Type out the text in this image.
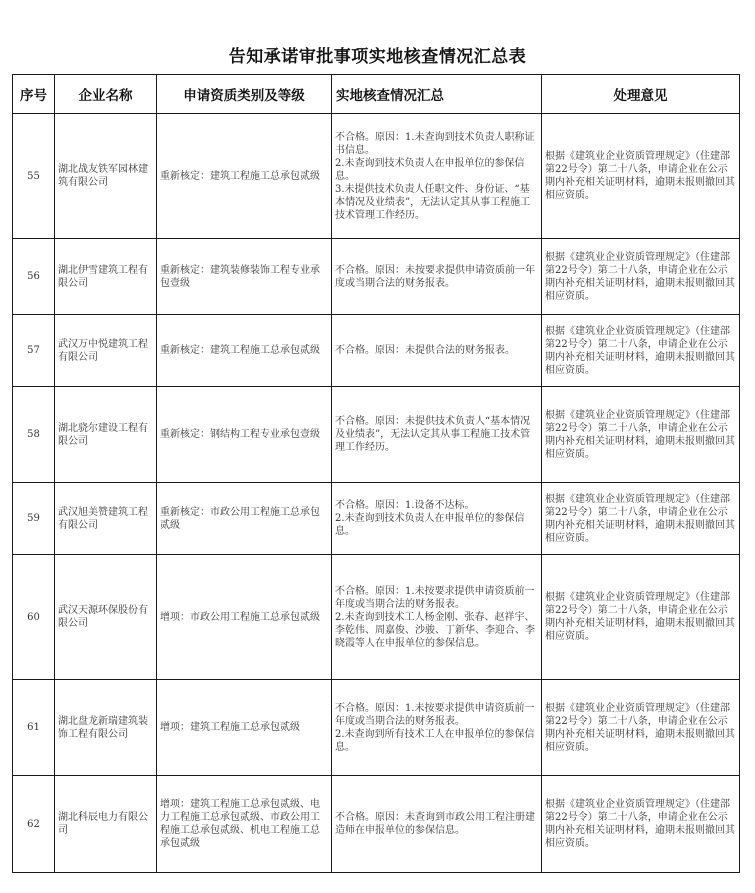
告知承诺审批事项实地核查情况汇总表
序号	企业名称	申请资质类别及等级	实地核查情况汇总	处理意见
55	湖北战友铁军园林建筑有限公司	重新核定：建筑工程施工总承包贰级	不合格。原因：1.未查询到技术负责人职称证书信息。
2.未查询到技术负责人在申报单位的参保信息。
3.未提供技术负责人任职文件、身份证、“基本情况及业绩表”，无法认定其从事工程施工技术管理工作经历。	根据《建筑业企业资质管理规定》（住建部第22号令）第二十八条，申请企业在公示期内补充相关证明材料，逾期未报则撤回其相应资质。
56	湖北伊雪建筑工程有限公司	重新核定：建筑装修装饰工程专业承包壹级	不合格。原因：未按要求提供申请资质前一年度或当期合法的财务报表。	根据《建筑业企业资质管理规定》（住建部第22号令）第二十八条，申请企业在公示期内补充相关证明材料，逾期未报则撤回其相应资质。
57	武汉万中悦建筑工程有限公司	重新核定：建筑工程施工总承包贰级	不合格。原因：未提供合法的财务报表。	根据《建筑业企业资质管理规定》（住建部第22号令）第二十八条，申请企业在公示期内补充相关证明材料，逾期未报则撤回其相应资质。
58	湖北骁尔建设工程有限公司	重新核定：钢结构工程专业承包壹级	不合格。原因：未提供技术负责人“基本情况及业绩表”，无法认定其从事工程施工技术管理工作经历。	根据《建筑业企业资质管理规定》（住建部第22号令）第二十八条，申请企业在公示期内补充相关证明材料，逾期未报则撤回其相应资质。
59	武汉旭美赞建筑工程有限公司	重新核定：市政公用工程施工总承包贰级	不合格。原因：1.设备不达标。
2.未查询到技术负责人在申报单位的参保信息。	根据《建筑业企业资质管理规定》（住建部第22号令）第二十八条，申请企业在公示期内补充相关证明材料，逾期未报则撤回其相应资质。
60	武汉天源环保股份有限公司	增项：市政公用工程施工总承包贰级	不合格。原因：1.未按要求提供申请资质前一年度或当期合法的财务报表。
2.未查询到技术工人杨金刚、张春、赵祥宇、李乾伟、周嘉俊、沙骏、丁新华、李迎合、李晓霞等人在申报单位的参保信息。	根据《建筑业企业资质管理规定》（住建部第22号令）第二十八条，申请企业在公示期内补充相关证明材料，逾期未报则撤回其相应资质。
61	湖北盘龙新瑞建筑装饰工程有限公司	增项：建筑工程施工总承包贰级	不合格。原因：1.未按要求提供申请资质前一年度或当期合法的财务报表。
2.未查询到所有技术工人在申报单位的参保信息。	根据《建筑业企业资质管理规定》（住建部第22号令）第二十八条，申请企业在公示期内补充相关证明材料，逾期未报则撤回其相应资质。
62	湖北科辰电力有限公司	增项：建筑工程施工总承包贰级、电力工程施工总承包贰级、市政公用工程施工总承包贰级、机电工程施工总承包贰级	不合格。原因：未查询到市政公用工程注册建造师在申报单位的参保信息。	根据《建筑业企业资质管理规定》（住建部第22号令）第二十八条，申请企业在公示期内补充相关证明材料，逾期未报则撤回其相应资质。
